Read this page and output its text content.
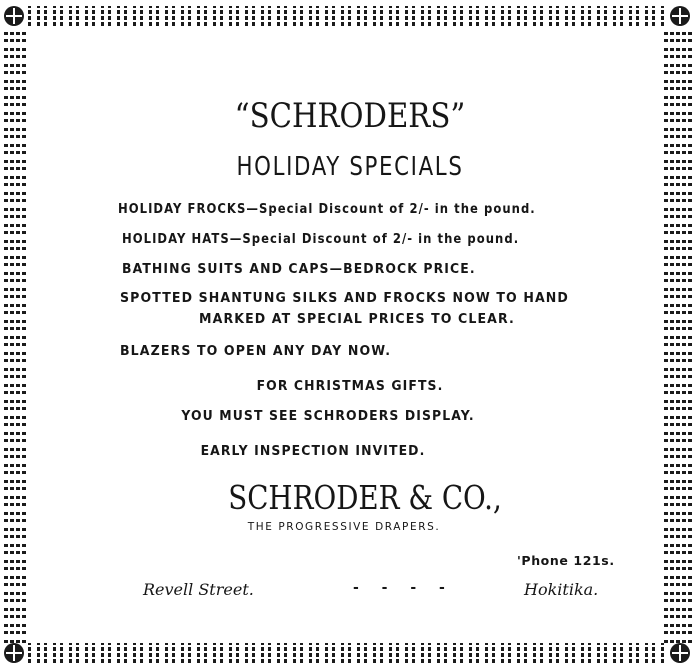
“SCHRODERS”
HOLIDAY SPECIALS
HOLIDAY FROCKS—Special Discount of 2/- in the pound.
HOLIDAY HATS—Special Discount of 2/- in the pound.
BATHING SUITS AND CAPS—BEDROCK PRICE.
SPOTTED SHANTUNG SILKS AND FROCKS NOW TO HAND
MARKED AT SPECIAL PRICES TO CLEAR.
BLAZERS TO OPEN ANY DAY NOW.
FOR CHRISTMAS GIFTS.
YOU MUST SEE SCHRODERS DISPLAY.
EARLY INSPECTION INVITED.
SCHRODER & CO.,
THE PROGRESSIVE DRAPERS.
'Phone 121s.
Revell Street.	- - - -	Hokitika.
